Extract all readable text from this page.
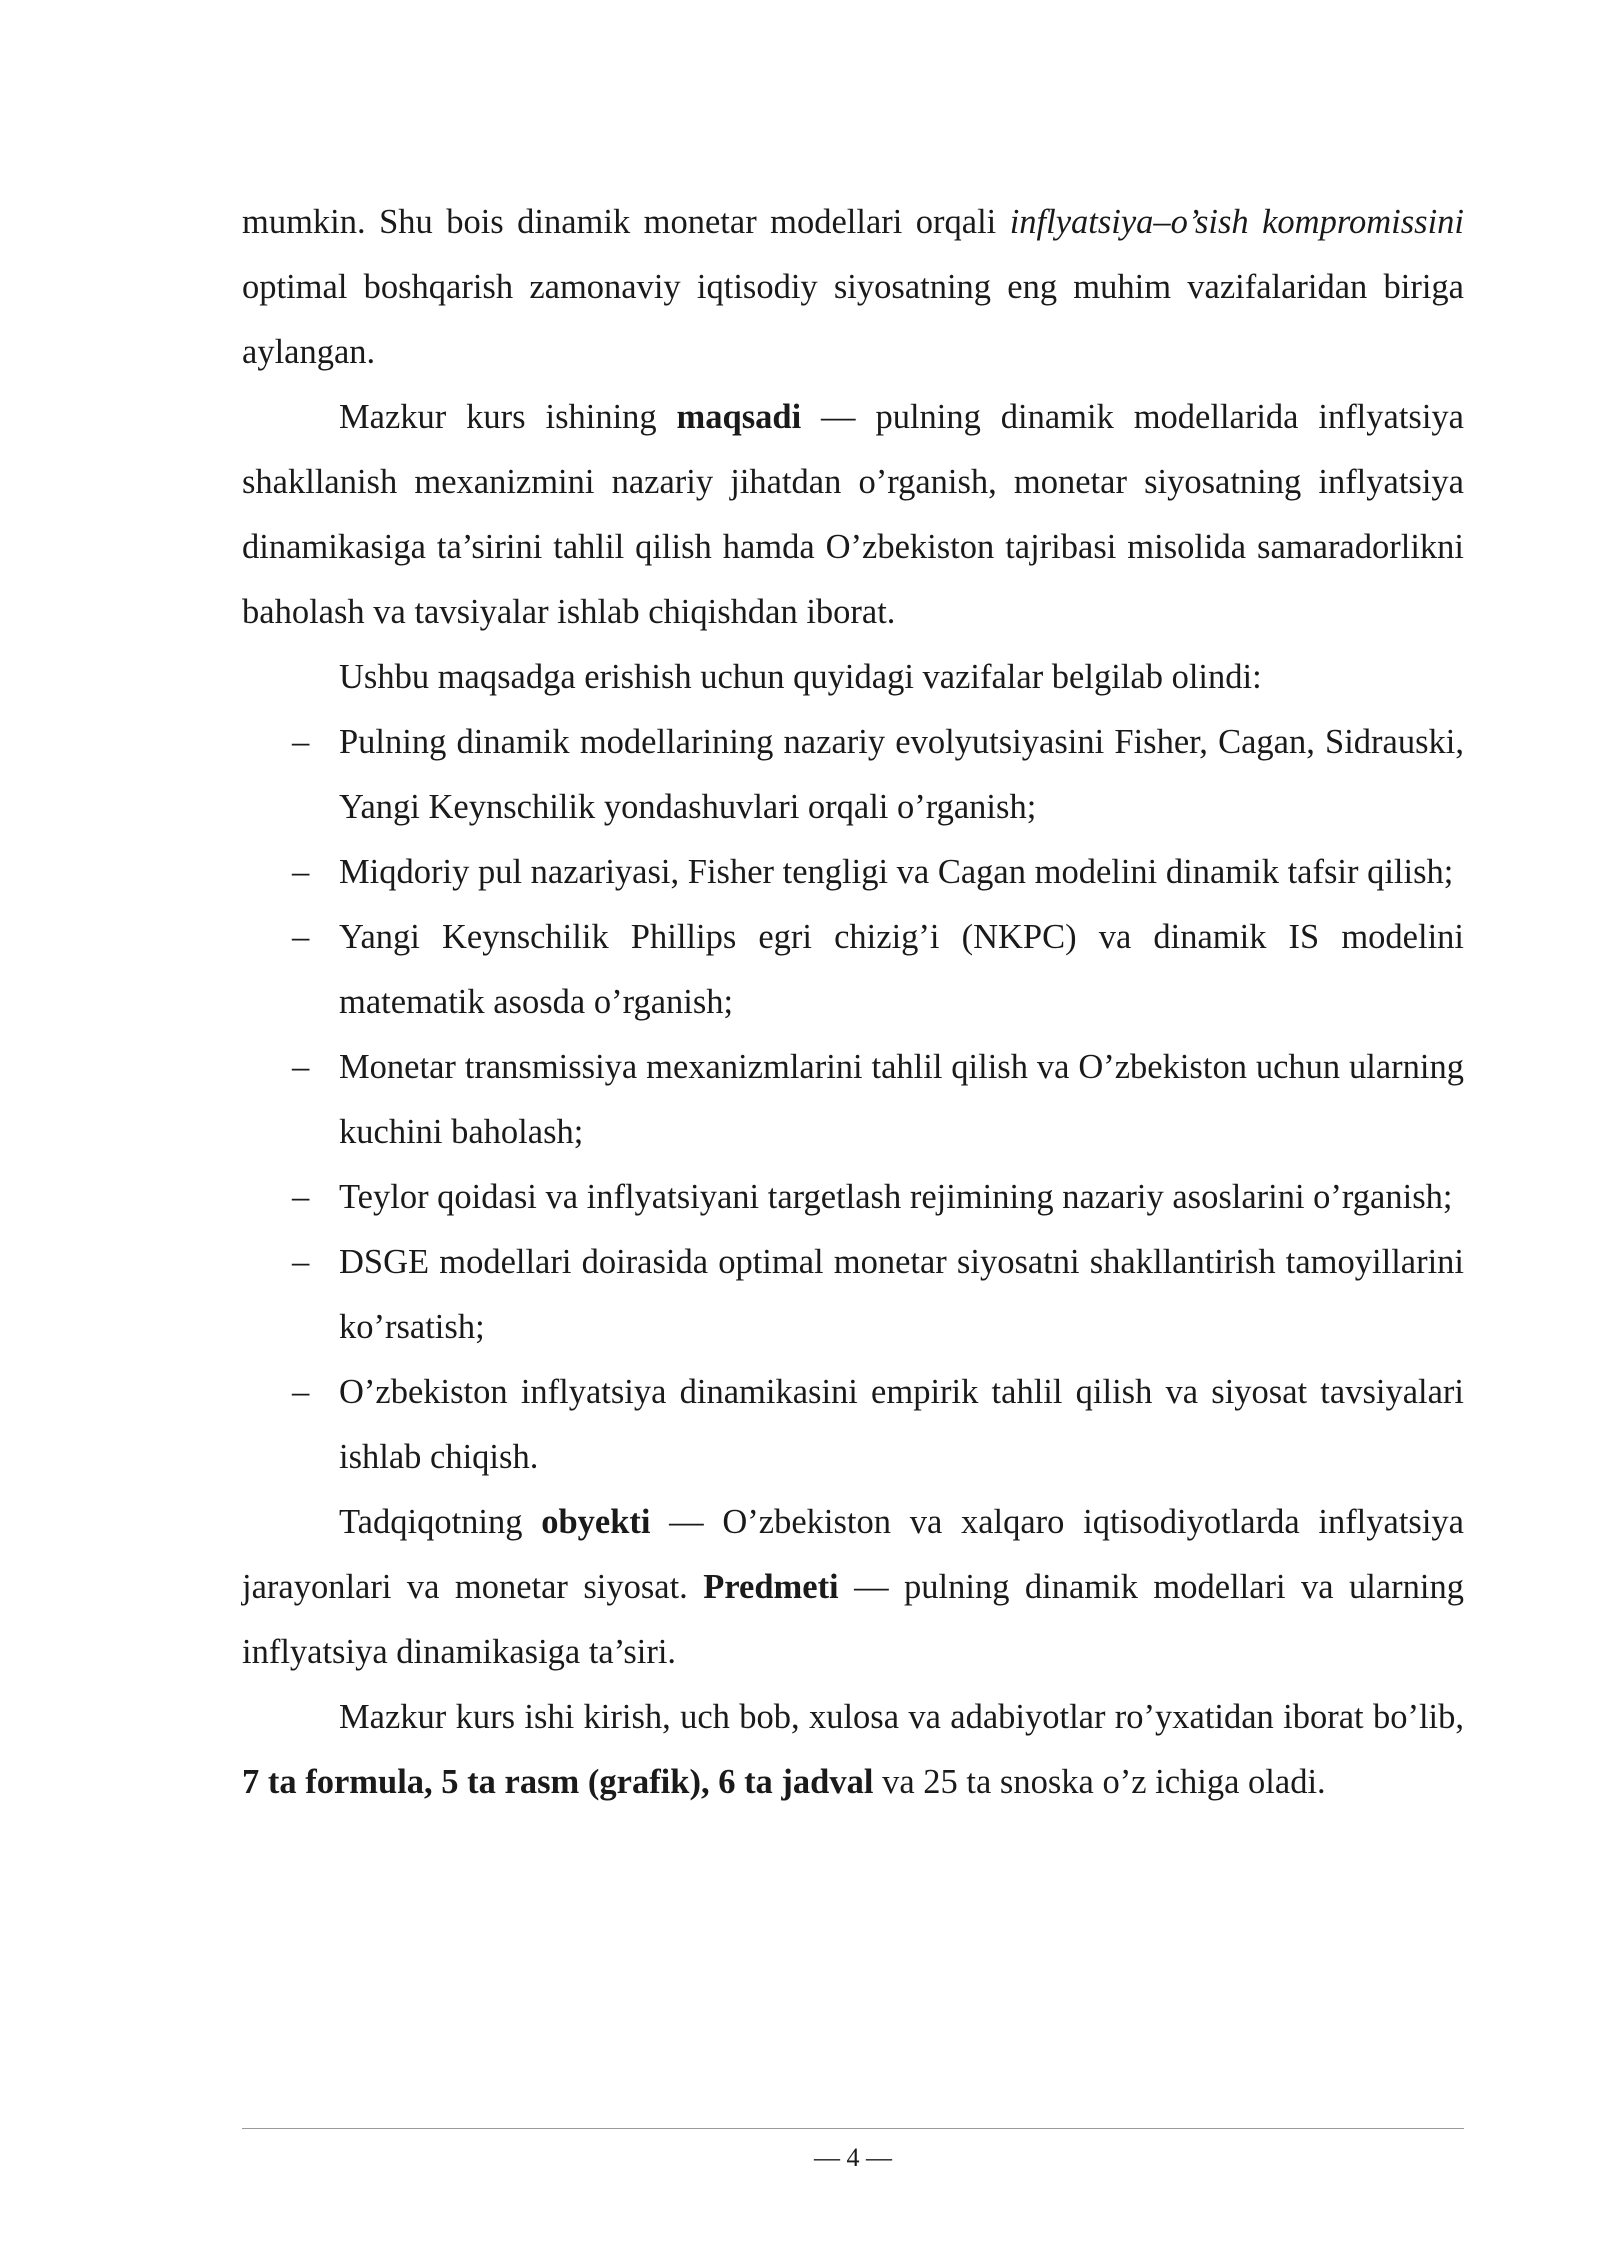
mumkin. Shu bois dinamik monetar modellari orqali inflyatsiya–o’sish kompromissini optimal boshqarish zamonaviy iqtisodiy siyosatning eng muhim vazifalaridan biriga aylangan.

Mazkur kurs ishining maqsadi — pulning dinamik modellarida inflyatsiya shakllanish mexanizmini nazariy jihatdan o’rganish, monetar siyosatning inflyatsiya dinamikasiga ta’sirini tahlil qilish hamda O’zbekiston tajribasi misolida samaradorlikni baholash va tavsiyalar ishlab chiqishdan iborat.

Ushbu maqsadga erishish uchun quyidagi vazifalar belgilab olindi:

– Pulning dinamik modellarining nazariy evolyutsiyasini Fisher, Cagan, Sidrauski, Yangi Keynschilik yondashuvlari orqali o’rganish;
– Miqdoriy pul nazariyasi, Fisher tengligi va Cagan modelini dinamik tafsir qilish;
– Yangi Keynschilik Phillips egri chizig’i (NKPC) va dinamik IS modelini matematik asosda o’rganish;
– Monetar transmissiya mexanizmlarini tahlil qilish va O’zbekiston uchun ularning kuchini baholash;
– Teylor qoidasi va inflyatsiyani targetlash rejimining nazariy asoslarini o’rganish;
– DSGE modellari doirasida optimal monetar siyosatni shakllantirish tamoyillarini ko’rsatish;
– O’zbekiston inflyatsiya dinamikasini empirik tahlil qilish va siyosat tavsiyalari ishlab chiqish.

Tadqiqotning obyekti — O’zbekiston va xalqaro iqtisodiyotlarda inflyatsiya jarayonlari va monetar siyosat. Predmeti — pulning dinamik modellari va ularning inflyatsiya dinamikasiga ta’siri.

Mazkur kurs ishi kirish, uch bob, xulosa va adabiyotlar ro’yxatidan iborat bo’lib, 7 ta formula, 5 ta rasm (grafik), 6 ta jadval va 25 ta snoska o’z ichiga oladi.

— 4 —
